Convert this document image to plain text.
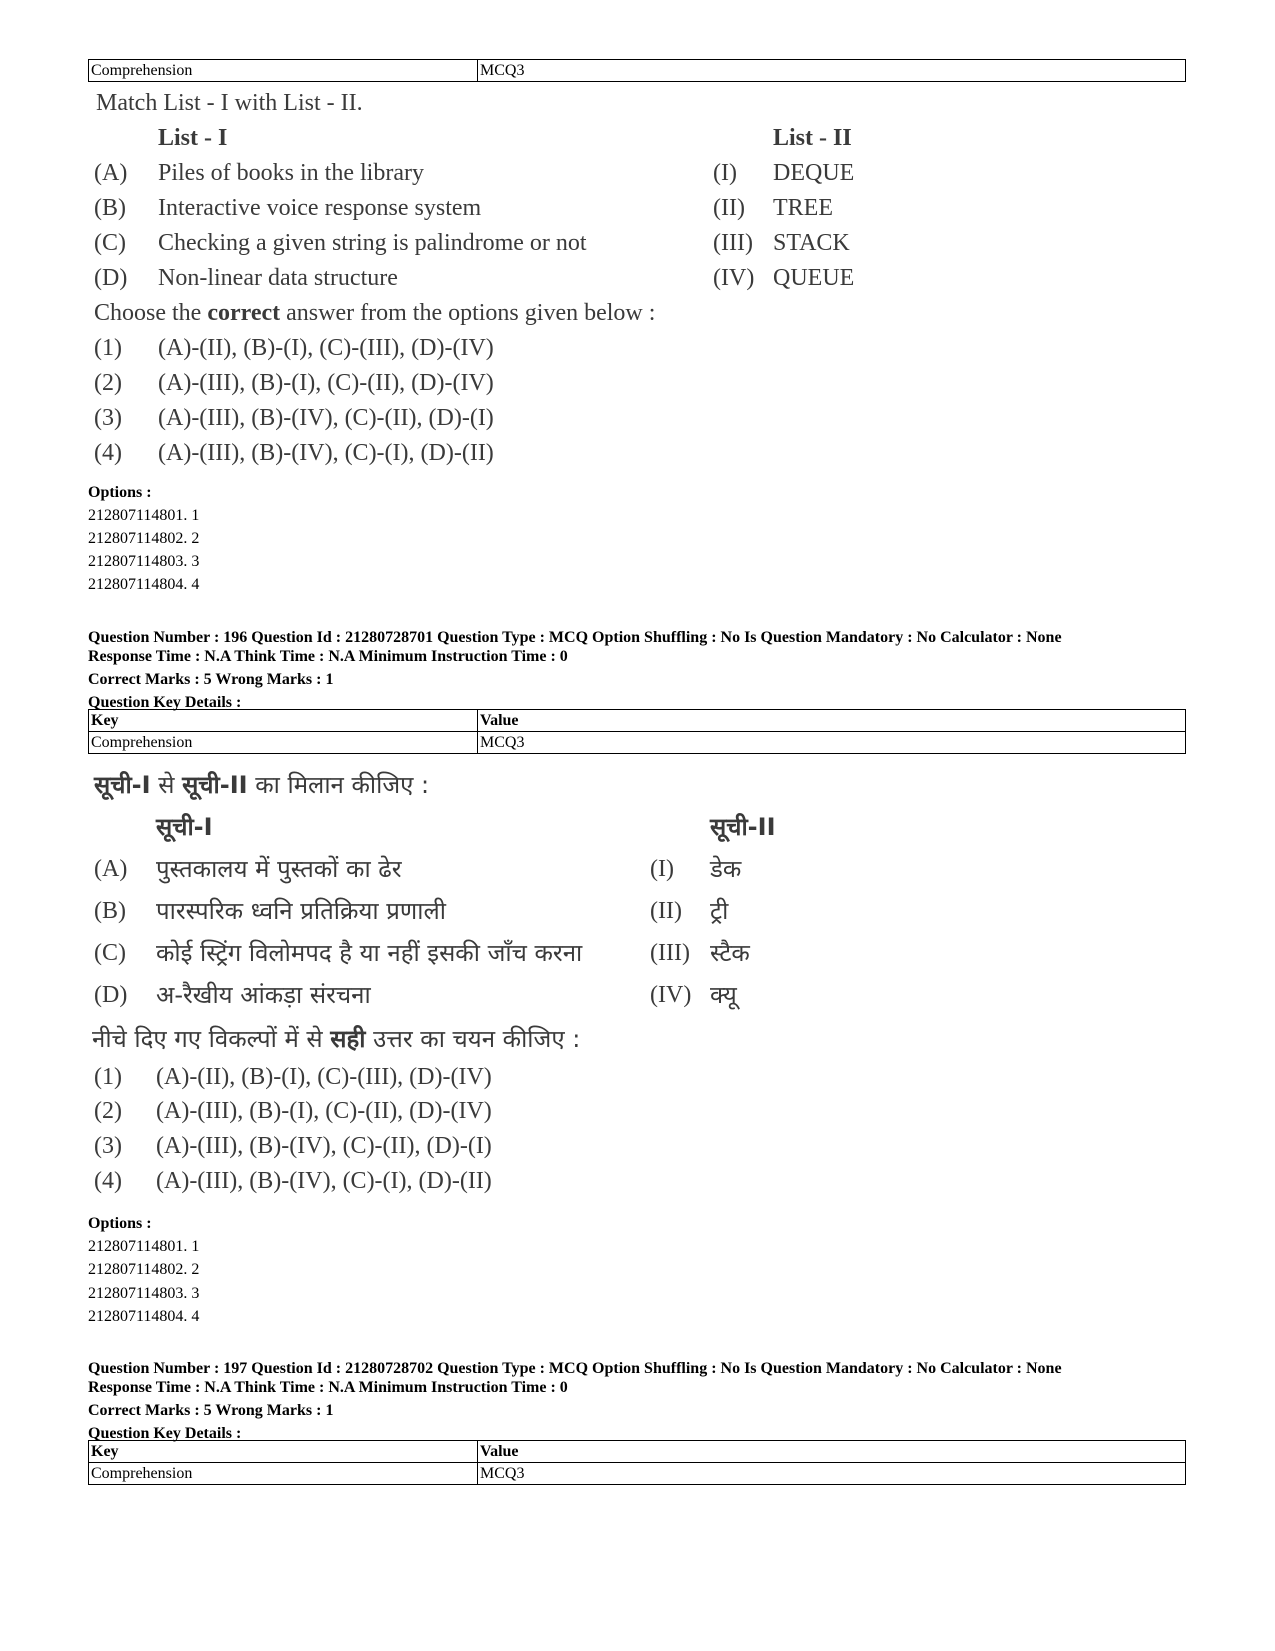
Comprehension	MCQ3
Match List - I with List - II.
List - I	List - II
(A) Piles of books in the library	(I) DEQUE
(B) Interactive voice response system	(II) TREE
(C) Checking a given string is palindrome or not	(III) STACK
(D) Non-linear data structure	(IV) QUEUE
Choose the correct answer from the options given below :
(1) (A)-(II), (B)-(I), (C)-(III), (D)-(IV)
(2) (A)-(III), (B)-(I), (C)-(II), (D)-(IV)
(3) (A)-(III), (B)-(IV), (C)-(II), (D)-(I)
(4) (A)-(III), (B)-(IV), (C)-(I), (D)-(II)
Options :
212807114801. 1
212807114802. 2
212807114803. 3
212807114804. 4
Question Number : 196 Question Id : 21280728701 Question Type : MCQ Option Shuffling : No Is Question Mandatory : No Calculator : None
Response Time : N.A Think Time : N.A Minimum Instruction Time : 0
Correct Marks : 5 Wrong Marks : 1
Question Key Details :
Key	Value
Comprehension	MCQ3
सूची-I से सूची-II का मिलान कीजिए :
सूची-I	सूची-II
(A) पुस्तकालय में पुस्तकों का ढेर	(I) डेक
(B) पारस्परिक ध्वनि प्रतिक्रिया प्रणाली	(II) ट्री
(C) कोई स्ट्रिंग विलोमपद है या नहीं इसकी जाँच करना	(III) स्टैक
(D) अ-रैखीय आंकड़ा संरचना	(IV) क्यू
नीचे दिए गए विकल्पों में से सही उत्तर का चयन कीजिए :
(1) (A)-(II), (B)-(I), (C)-(III), (D)-(IV)
(2) (A)-(III), (B)-(I), (C)-(II), (D)-(IV)
(3) (A)-(III), (B)-(IV), (C)-(II), (D)-(I)
(4) (A)-(III), (B)-(IV), (C)-(I), (D)-(II)
Options :
212807114801. 1
212807114802. 2
212807114803. 3
212807114804. 4
Question Number : 197 Question Id : 21280728702 Question Type : MCQ Option Shuffling : No Is Question Mandatory : No Calculator : None
Response Time : N.A Think Time : N.A Minimum Instruction Time : 0
Correct Marks : 5 Wrong Marks : 1
Question Key Details :
Key	Value
Comprehension	MCQ3
